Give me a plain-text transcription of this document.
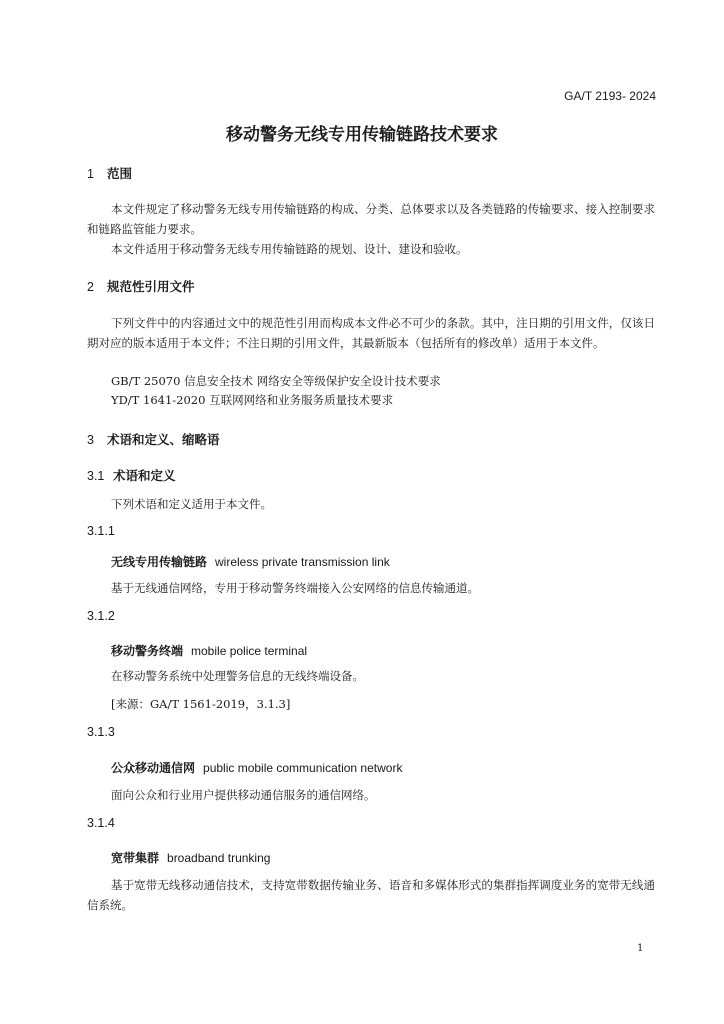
GA/T 2193- 2024
移动警务无线专用传输链路技术要求
1 范围
本文件规定了移动警务无线专用传输链路的构成、分类、总体要求以及各类链路的传输要求、接入控制要求和链路监管能力要求。
本文件适用于移动警务无线专用传输链路的规划、设计、建设和验收。
2 规范性引用文件
下列文件中的内容通过文中的规范性引用而构成本文件必不可少的条款。其中，注日期的引用文件，仅该日期对应的版本适用于本文件；不注日期的引用文件，其最新版本（包括所有的修改单）适用于本文件。
GB/T 25070 信息安全技术 网络安全等级保护安全设计技术要求
YD/T 1641-2020 互联网网络和业务服务质量技术要求
3 术语和定义、缩略语
3.1 术语和定义
下列术语和定义适用于本文件。
3.1.1
无线专用传输链路 wireless private transmission link
基于无线通信网络，专用于移动警务终端接入公安网络的信息传输通道。
3.1.2
移动警务终端 mobile police terminal
在移动警务系统中处理警务信息的无线终端设备。
[来源：GA/T 1561-2019，3.1.3]
3.1.3
公众移动通信网 public mobile communication network
面向公众和行业用户提供移动通信服务的通信网络。
3.1.4
宽带集群 broadband trunking
基于宽带无线移动通信技术，支持宽带数据传输业务、语音和多媒体形式的集群指挥调度业务的宽带无线通信系统。
1
